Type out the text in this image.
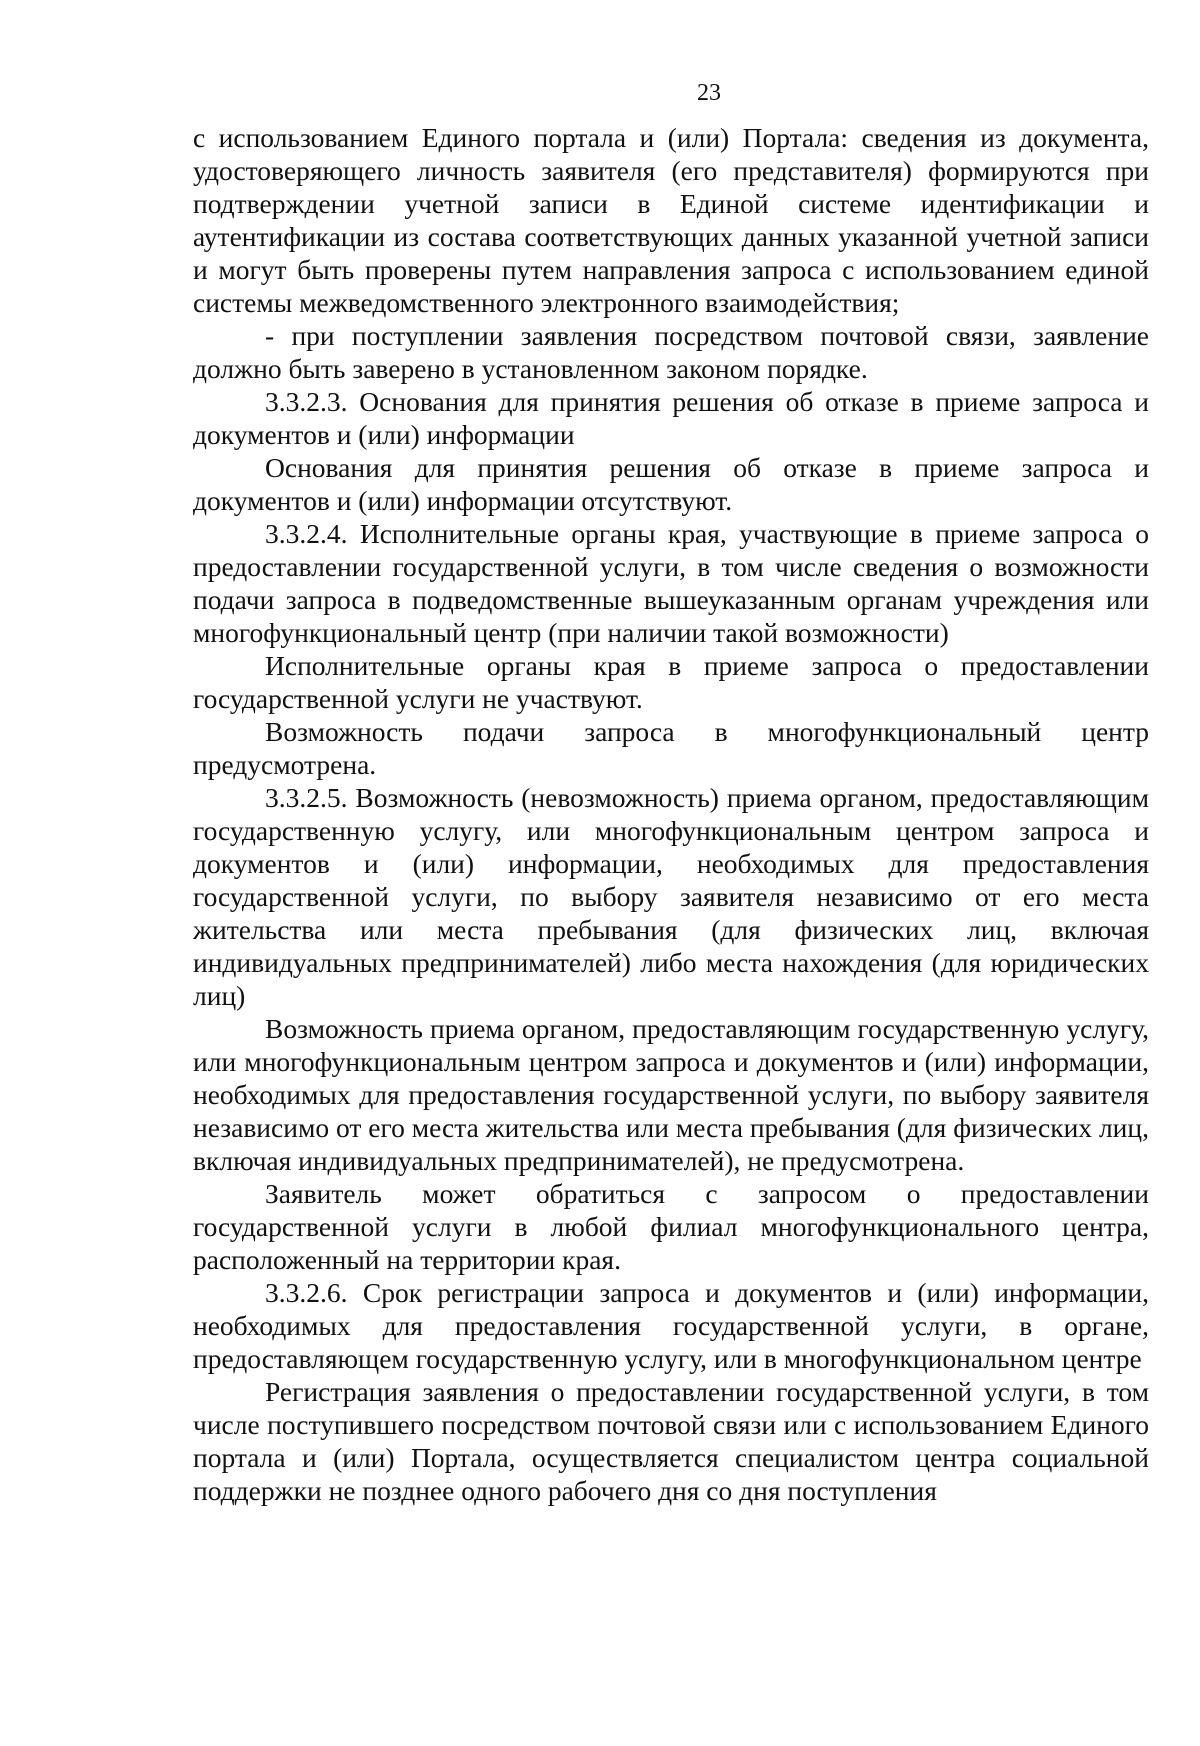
23

с использованием Единого портала и (или) Портала: сведения из документа, удостоверяющего личность заявителя (его представителя) формируются при подтверждении учетной записи в Единой системе идентификации и аутентификации из состава соответствующих данных указанной учетной записи и могут быть проверены путем направления запроса с использованием единой системы межведомственного электронного взаимодействия;

- при поступлении заявления посредством почтовой связи, заявление должно быть заверено в установленном законом порядке.

3.3.2.3. Основания для принятия решения об отказе в приеме запроса и документов и (или) информации

Основания для принятия решения об отказе в приеме запроса и документов и (или) информации отсутствуют.

3.3.2.4. Исполнительные органы края, участвующие в приеме запроса о предоставлении государственной услуги, в том числе сведения о возможности подачи запроса в подведомственные вышеуказанным органам учреждения или многофункциональный центр (при наличии такой возможности)

Исполнительные органы края в приеме запроса о предоставлении государственной услуги не участвуют.

Возможность подачи запроса в многофункциональный центр предусмотрена.

3.3.2.5. Возможность (невозможность) приема органом, предоставляющим государственную услугу, или многофункциональным центром запроса и документов и (или) информации, необходимых для предоставления государственной услуги, по выбору заявителя независимо от его места жительства или места пребывания (для физических лиц, включая индивидуальных предпринимателей) либо места нахождения (для юридических лиц)

Возможность приема органом, предоставляющим государственную услугу, или многофункциональным центром запроса и документов и (или) информации, необходимых для предоставления государственной услуги, по выбору заявителя независимо от его места жительства или места пребывания (для физических лиц, включая индивидуальных предпринимателей), не предусмотрена.

Заявитель может обратиться с запросом о предоставлении государственной услуги в любой филиал многофункционального центра, расположенный на территории края.

3.3.2.6. Срок регистрации запроса и документов и (или) информации, необходимых для предоставления государственной услуги, в органе, предоставляющем государственную услугу, или в многофункциональном центре

Регистрация заявления о предоставлении государственной услуги, в том числе поступившего посредством почтовой связи или с использованием Единого портала и (или) Портала, осуществляется специалистом центра социальной поддержки не позднее одного рабочего дня со дня поступления
